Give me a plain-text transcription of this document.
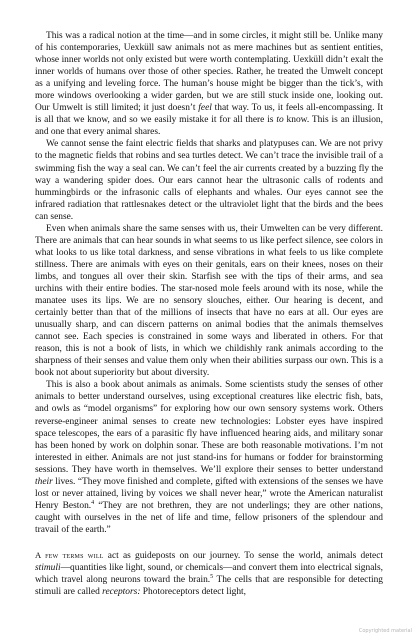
This was a radical notion at the time—and in some circles, it might still be. Unlike many of his contemporaries, Uexküll saw animals not as mere machines but as sentient entities, whose inner worlds not only existed but were worth contemplating. Uexküll didn’t exalt the inner worlds of humans over those of other species. Rather, he treated the Umwelt concept as a unifying and leveling force. The human’s house might be bigger than the tick’s, with more windows overlooking a wider garden, but we are still stuck inside one, looking out. Our Umwelt is still limited; it just doesn’t feel that way. To us, it feels all-encompassing. It is all that we know, and so we easily mistake it for all there is to know. This is an illusion, and one that every animal shares.

We cannot sense the faint electric fields that sharks and platypuses can. We are not privy to the magnetic fields that robins and sea turtles detect. We can’t trace the invisible trail of a swimming fish the way a seal can. We can’t feel the air currents created by a buzzing fly the way a wandering spider does. Our ears cannot hear the ultrasonic calls of rodents and hummingbirds or the infrasonic calls of elephants and whales. Our eyes cannot see the infrared radiation that rattlesnakes detect or the ultraviolet light that the birds and the bees can sense.

Even when animals share the same senses with us, their Umwelten can be very different. There are animals that can hear sounds in what seems to us like perfect silence, see colors in what looks to us like total darkness, and sense vibrations in what feels to us like complete stillness. There are animals with eyes on their genitals, ears on their knees, noses on their limbs, and tongues all over their skin. Starfish see with the tips of their arms, and sea urchins with their entire bodies. The star-nosed mole feels around with its nose, while the manatee uses its lips. We are no sensory slouches, either. Our hearing is decent, and certainly better than that of the millions of insects that have no ears at all. Our eyes are unusually sharp, and can discern patterns on animal bodies that the animals themselves cannot see. Each species is constrained in some ways and liberated in others. For that reason, this is not a book of lists, in which we childishly rank animals according to the sharpness of their senses and value them only when their abilities surpass our own. This is a book not about superiority but about diversity.

This is also a book about animals as animals. Some scientists study the senses of other animals to better understand ourselves, using exceptional creatures like electric fish, bats, and owls as “model organisms” for exploring how our own sensory systems work. Others reverse-engineer animal senses to create new technologies: Lobster eyes have inspired space telescopes, the ears of a parasitic fly have influenced hearing aids, and military sonar has been honed by work on dolphin sonar. These are both reasonable motivations. I’m not interested in either. Animals are not just stand-ins for humans or fodder for brainstorming sessions. They have worth in themselves. We’ll explore their senses to better understand their lives. “They move finished and complete, gifted with extensions of the senses we have lost or never attained, living by voices we shall never hear,” wrote the American naturalist Henry Beston.$^4$ “They are not brethren, they are not underlings; they are other nations, caught with ourselves in the net of life and time, fellow prisoners of the splendour and travail of the earth.”

A few terms will act as guideposts on our journey. To sense the world, animals detect stimuli—quantities like light, sound, or chemicals—and convert them into electrical signals, which travel along neurons toward the brain.$^5$ The cells that are responsible for detecting stimuli are called receptors: Photoreceptors detect light,

Copyrighted material
